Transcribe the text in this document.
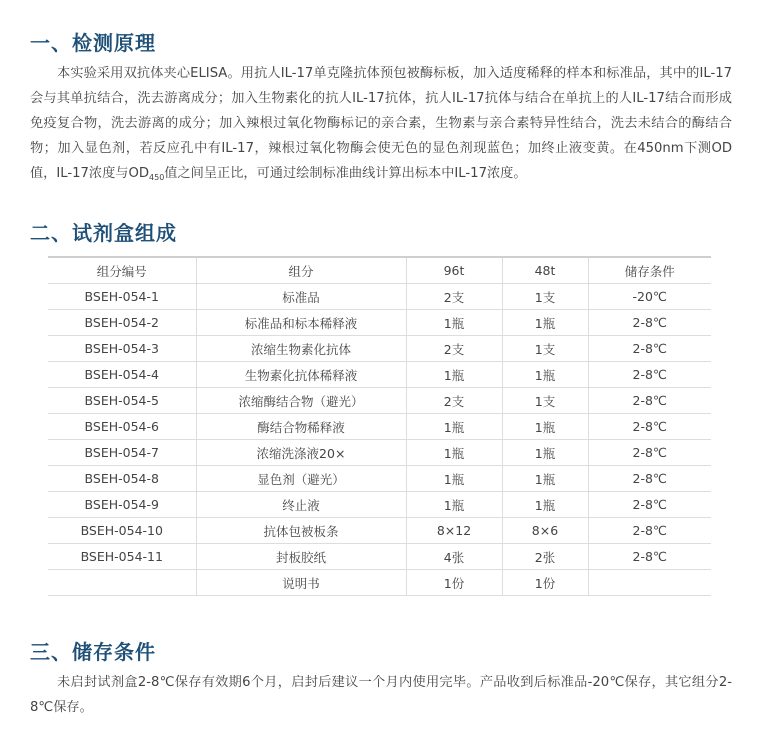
一、检测原理

本实验采用双抗体夹心ELISA。用抗人IL-17单克隆抗体预包被酶标板，加入适度稀释的样本和标准品，其中的IL-17会与其单抗结合，洗去游离成分；加入生物素化的抗人IL-17抗体，抗人IL-17抗体与结合在单抗上的人IL-17结合而形成免疫复合物，洗去游离的成分；加入辣根过氧化物酶标记的亲合素，生物素与亲合素特异性结合，洗去未结合的酶结合物；加入显色剂，若反应孔中有IL-17，辣根过氧化物酶会使无色的显色剂现蓝色；加终止液变黄。在450nm下测OD值，IL-17浓度与$OD_{450}$值之间呈正比，可通过绘制标准曲线计算出标本中IL-17浓度。

二、试剂盒组成
组分编号	组分	96t	48t	储存条件
BSEH-054-1	标准品	2支	1支	-20℃
BSEH-054-2	标准品和标本稀释液	1瓶	1瓶	2-8℃
BSEH-054-3	浓缩生物素化抗体	2支	1支	2-8℃
BSEH-054-4	生物素化抗体稀释液	1瓶	1瓶	2-8℃
BSEH-054-5	浓缩酶结合物（避光）	2支	1支	2-8℃
BSEH-054-6	酶结合物稀释液	1瓶	1瓶	2-8℃
BSEH-054-7	浓缩洗涤液20×	1瓶	1瓶	2-8℃
BSEH-054-8	显色剂（避光）	1瓶	1瓶	2-8℃
BSEH-054-9	终止液	1瓶	1瓶	2-8℃
BSEH-054-10	抗体包被板条	8×12	8×6	2-8℃
BSEH-054-11	封板胶纸	4张	2张	2-8℃
	说明书	1份	1份	
三、储存条件

未启封试剂盒2-8℃保存有效期6个月，启封后建议一个月内使用完毕。产品收到后标准品-20℃保存，其它组分2-8℃保存。
